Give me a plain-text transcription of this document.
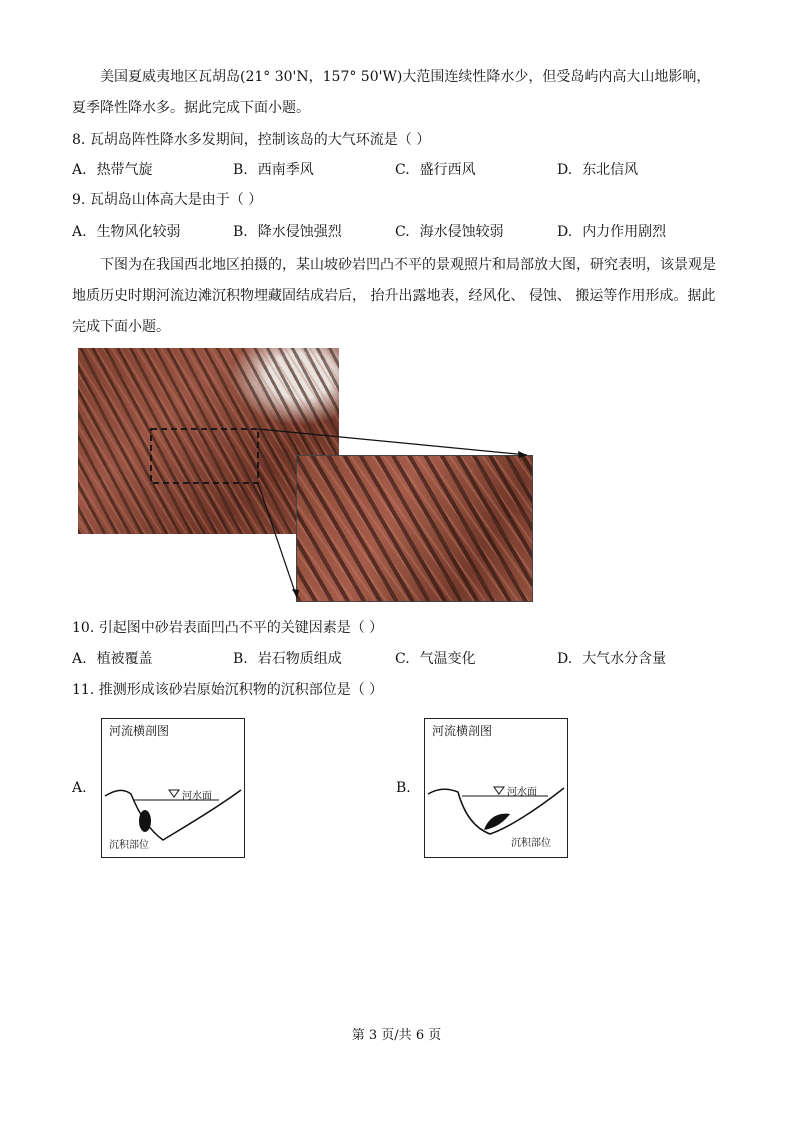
美国夏威夷地区瓦胡岛(21° 30'N，157° 50'W)大范围连续性降水少，但受岛屿内高大山地影响，夏季降性降水多。据此完成下面小题。

8. 瓦胡岛阵性降水多发期间，控制该岛的大气环流是（ ）
A. 热带气旋	B. 西南季风	C. 盛行西风	D. 东北信风
9. 瓦胡岛山体高大是由于（ ）
A. 生物风化较弱	B. 降水侵蚀强烈	C. 海水侵蚀较弱	D. 内力作用剧烈

下图为在我国西北地区拍摄的，某山坡砂岩凹凸不平的景观照片和局部放大图，研究表明，该景观是地质历史时期河流边滩沉积物埋藏固结成岩后， 抬升出露地表，经风化、 侵蚀、 搬运等作用形成。据此完成下面小题。

10. 引起图中砂岩表面凹凸不平的关键因素是（ ）
A. 植被覆盖	B. 岩石物质组成	C. 气温变化	D. 大气水分含量
11. 推测形成该砂岩原始沉积物的沉积部位是（ ）
A.
河流横剖图
河水面
沉积部位
B.
河流横剖图
河水面
沉积部位
第 3 页/共 6 页
